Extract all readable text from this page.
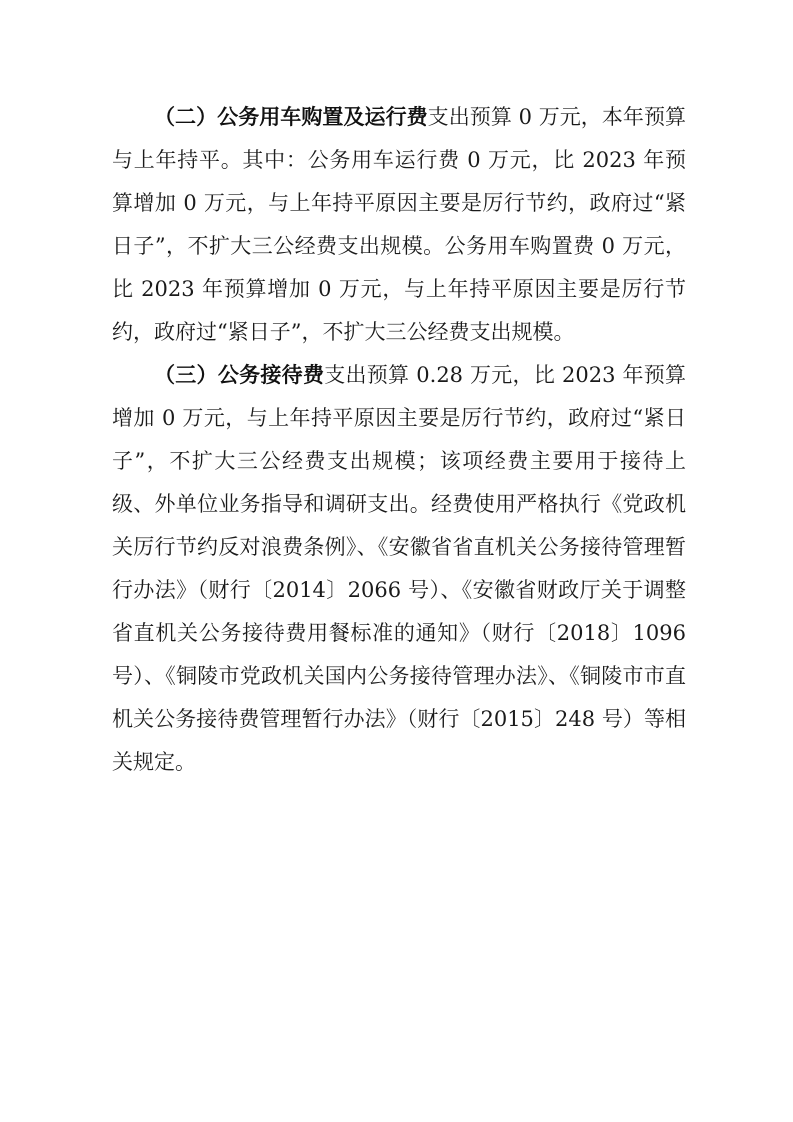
（二）公务用车购置及运行费支出预算 0 万元，本年预算与上年持平。其中：公务用车运行费 0 万元，比 2023 年预算增加 0 万元，与上年持平原因主要是厉行节约，政府过“紧日子”，不扩大三公经费支出规模。公务用车购置费 0 万元，比 2023 年预算增加 0 万元，与上年持平原因主要是厉行节约，政府过“紧日子”，不扩大三公经费支出规模。

（三）公务接待费支出预算 0.28 万元，比 2023 年预算增加 0 万元，与上年持平原因主要是厉行节约，政府过“紧日子”，不扩大三公经费支出规模；该项经费主要用于接待上级、外单位业务指导和调研支出。经费使用严格执行《党政机关厉行节约反对浪费条例》、《安徽省省直机关公务接待管理暂行办法》（财行〔2014〕2066 号）、《安徽省财政厅关于调整省直机关公务接待费用餐标准的通知》（财行〔2018〕1096 号）、《铜陵市党政机关国内公务接待管理办法》、《铜陵市市直机关公务接待费管理暂行办法》（财行〔2015〕248 号）等相关规定。
